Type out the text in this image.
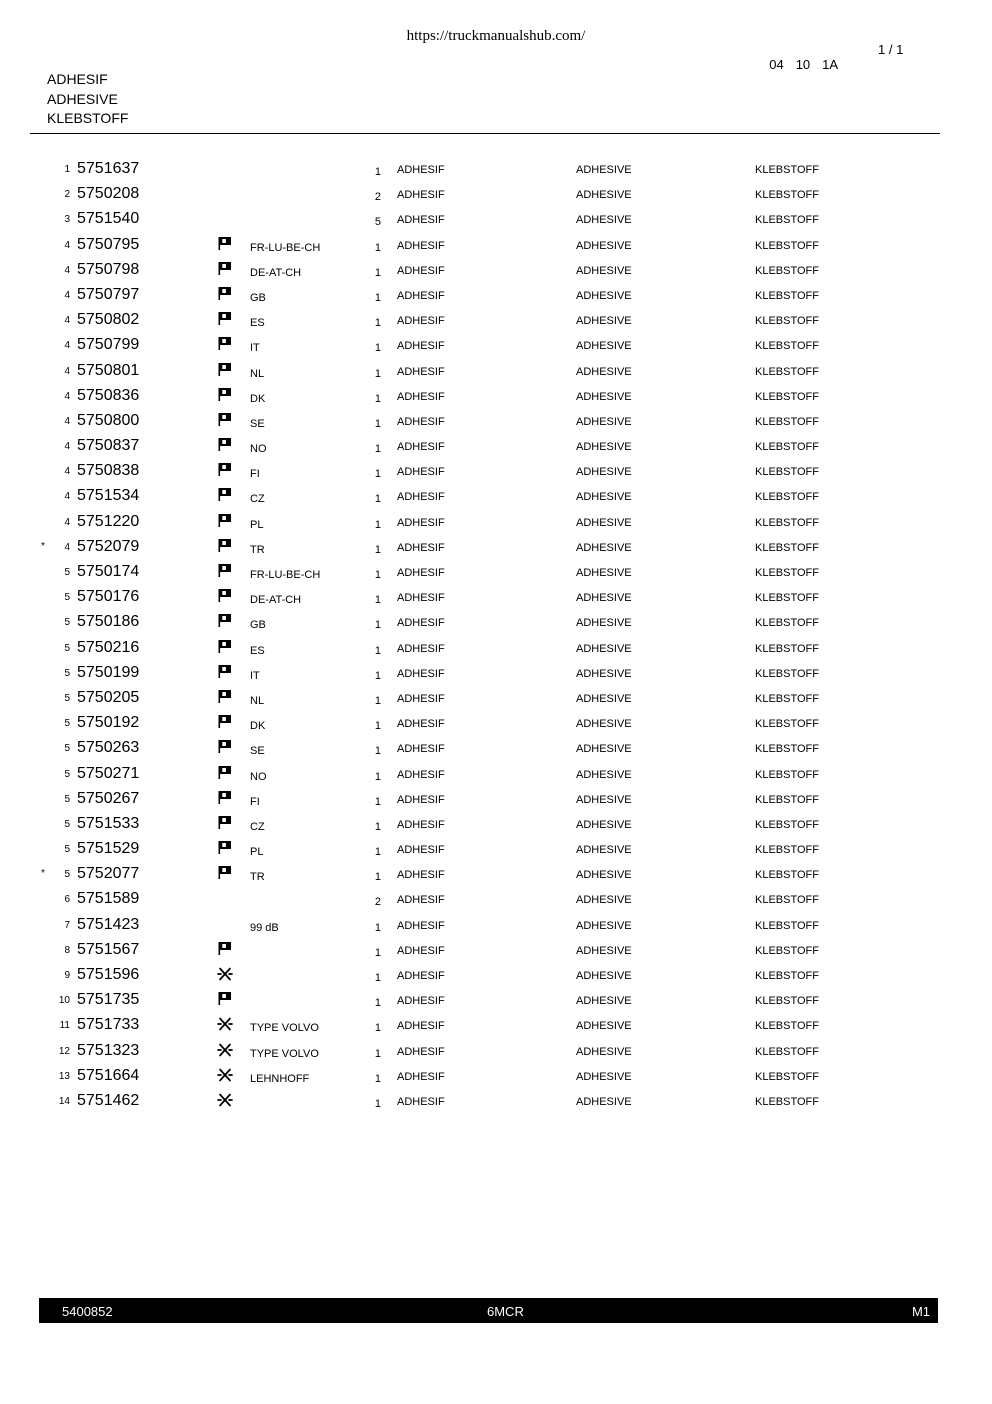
https://truckmanualshub.com/

04 10 1A

1 / 1
ADHESIF
ADHESIVE
KLEBSTOFF
1 5751637	1 ADHESIF	ADHESIVE	KLEBSTOFF
2 5750208	2 ADHESIF	ADHESIVE	KLEBSTOFF
3 5751540	5 ADHESIF	ADHESIVE	KLEBSTOFF
4 5750795	FR-LU-BE-CH	1 ADHESIF	ADHESIVE	KLEBSTOFF
4 5750798	DE-AT-CH	1 ADHESIF	ADHESIVE	KLEBSTOFF
4 5750797	GB	1 ADHESIF	ADHESIVE	KLEBSTOFF
4 5750802	ES	1 ADHESIF	ADHESIVE	KLEBSTOFF
4 5750799	IT	1 ADHESIF	ADHESIVE	KLEBSTOFF
4 5750801	NL	1 ADHESIF	ADHESIVE	KLEBSTOFF
4 5750836	DK	1 ADHESIF	ADHESIVE	KLEBSTOFF
4 5750800	SE	1 ADHESIF	ADHESIVE	KLEBSTOFF
4 5750837	NO	1 ADHESIF	ADHESIVE	KLEBSTOFF
4 5750838	FI	1 ADHESIF	ADHESIVE	KLEBSTOFF
4 5751534	CZ	1 ADHESIF	ADHESIVE	KLEBSTOFF
4 5751220	PL	1 ADHESIF	ADHESIVE	KLEBSTOFF
*	4 5752079	TR	1 ADHESIF	ADHESIVE	KLEBSTOFF
5 5750174	FR-LU-BE-CH	1 ADHESIF	ADHESIVE	KLEBSTOFF
5 5750176	DE-AT-CH	1 ADHESIF	ADHESIVE	KLEBSTOFF
5 5750186	GB	1 ADHESIF	ADHESIVE	KLEBSTOFF
5 5750216	ES	1 ADHESIF	ADHESIVE	KLEBSTOFF
5 5750199	IT	1 ADHESIF	ADHESIVE	KLEBSTOFF
5 5750205	NL	1 ADHESIF	ADHESIVE	KLEBSTOFF
5 5750192	DK	1 ADHESIF	ADHESIVE	KLEBSTOFF
5 5750263	SE	1 ADHESIF	ADHESIVE	KLEBSTOFF
5 5750271	NO	1 ADHESIF	ADHESIVE	KLEBSTOFF
5 5750267	FI	1 ADHESIF	ADHESIVE	KLEBSTOFF
5 5751533	CZ	1 ADHESIF	ADHESIVE	KLEBSTOFF
5 5751529	PL	1 ADHESIF	ADHESIVE	KLEBSTOFF
*	5 5752077	TR	1 ADHESIF	ADHESIVE	KLEBSTOFF
6 5751589	2 ADHESIF	ADHESIVE	KLEBSTOFF
7 5751423	99 dB	1 ADHESIF	ADHESIVE	KLEBSTOFF
8 5751567	1 ADHESIF	ADHESIVE	KLEBSTOFF
9 5751596	1 ADHESIF	ADHESIVE	KLEBSTOFF
10 5751735	1 ADHESIF	ADHESIVE	KLEBSTOFF
11 5751733	TYPE VOLVO	1 ADHESIF	ADHESIVE	KLEBSTOFF
12 5751323	TYPE VOLVO	1 ADHESIF	ADHESIVE	KLEBSTOFF
13 5751664	LEHNHOFF	1 ADHESIF	ADHESIVE	KLEBSTOFF
14 5751462	1 ADHESIF	ADHESIVE	KLEBSTOFF
5400852	6MCR	M1
